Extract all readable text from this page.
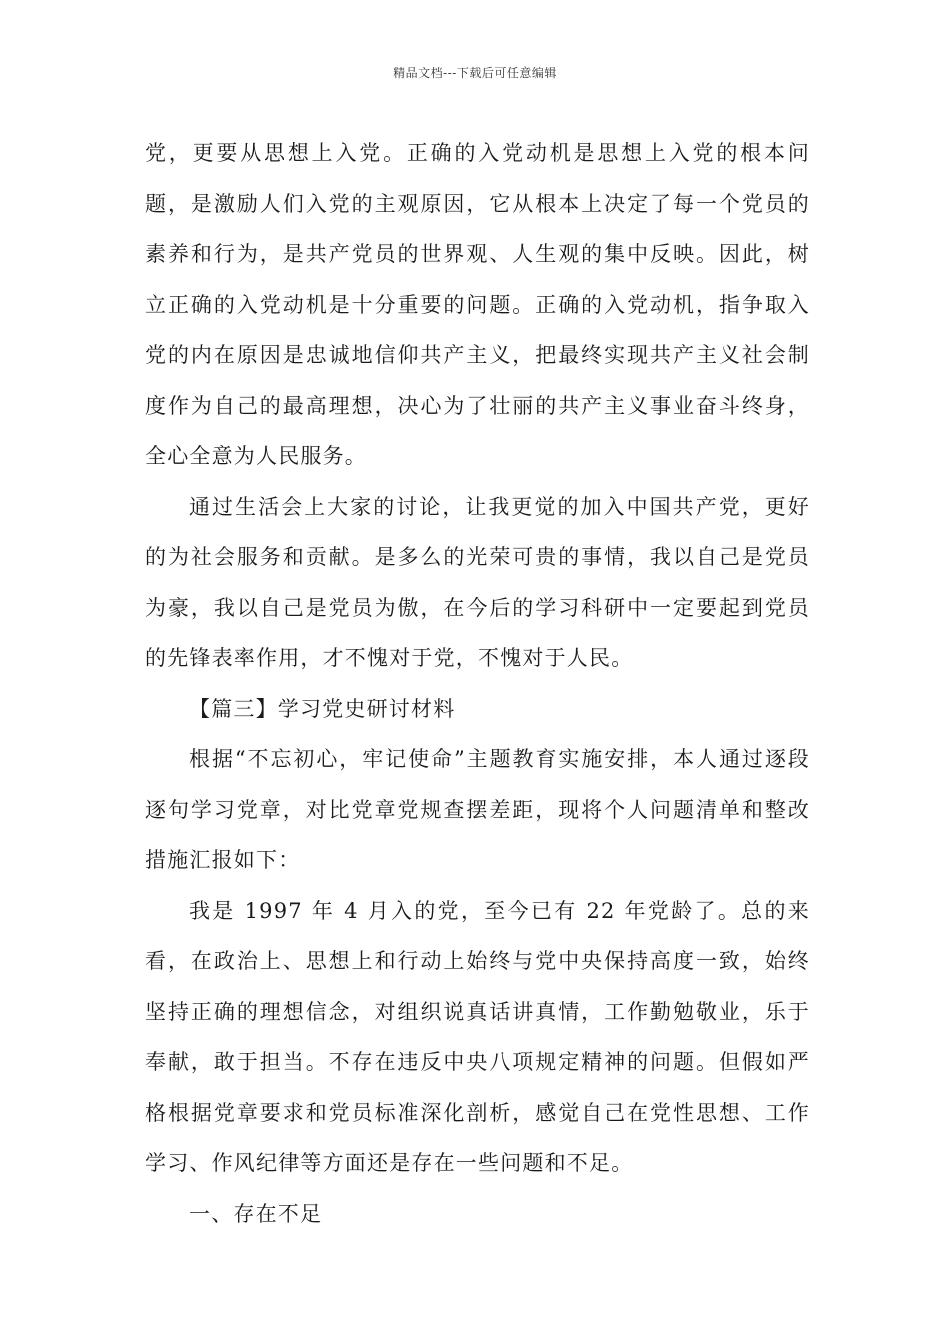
精品文档---下载后可任意编辑

党，更要从思想上入党。正确的入党动机是思想上入党的根本问题，是激励人们入党的主观原因，它从根本上决定了每一个党员的素养和行为，是共产党员的世界观、人生观的集中反映。因此，树立正确的入党动机是十分重要的问题。正确的入党动机，指争取入党的内在原因是忠诚地信仰共产主义，把最终实现共产主义社会制度作为自己的最高理想，决心为了壮丽的共产主义事业奋斗终身，全心全意为人民服务。

通过生活会上大家的讨论，让我更觉的加入中国共产党，更好的为社会服务和贡献。是多么的光荣可贵的事情，我以自己是党员为豪，我以自己是党员为傲，在今后的学习科研中一定要起到党员的先锋表率作用，才不愧对于党，不愧对于人民。

【篇三】学习党史研讨材料

根据“不忘初心，牢记使命”主题教育实施安排，本人通过逐段逐句学习党章，对比党章党规查摆差距，现将个人问题清单和整改措施汇报如下：

我是 1997 年 4 月入的党，至今已有 22 年党龄了。总的来看，在政治上、思想上和行动上始终与党中央保持高度一致，始终坚持正确的理想信念，对组织说真话讲真情，工作勤勉敬业，乐于奉献，敢于担当。不存在违反中央八项规定精神的问题。但假如严格根据党章要求和党员标准深化剖析，感觉自己在党性思想、工作学习、作风纪律等方面还是存在一些问题和不足。

一、存在不足
